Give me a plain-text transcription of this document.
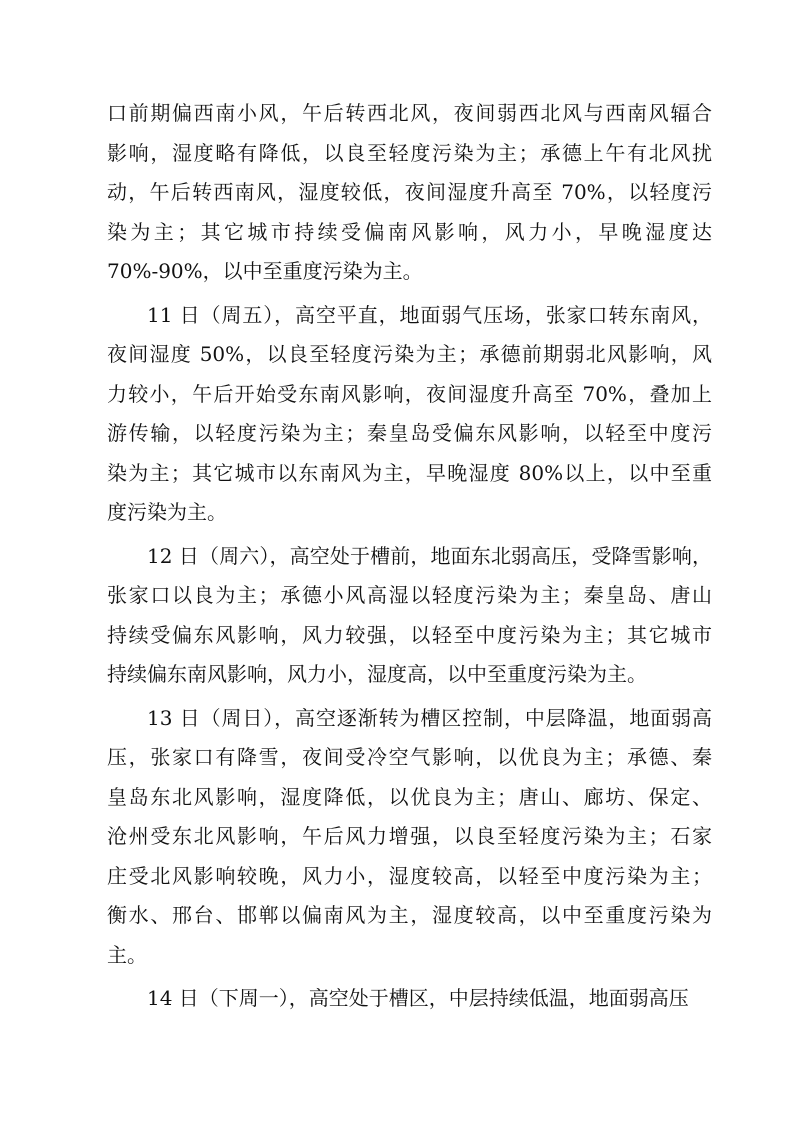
口前期偏西南小风，午后转西北风，夜间弱西北风与西南风辐合
影响，湿度略有降低，以良至轻度污染为主；承德上午有北风扰
动，午后转西南风，湿度较低，夜间湿度升高至 70%，以轻度污
染为主；其它城市持续受偏南风影响，风力小，早晚湿度达
70%-90%，以中至重度污染为主。
11 日（周五），高空平直，地面弱气压场，张家口转东南风，
夜间湿度 50%，以良至轻度污染为主；承德前期弱北风影响，风
力较小，午后开始受东南风影响，夜间湿度升高至 70%，叠加上
游传输，以轻度污染为主；秦皇岛受偏东风影响，以轻至中度污
染为主；其它城市以东南风为主，早晚湿度 80%以上，以中至重
度污染为主。
12 日（周六），高空处于槽前，地面东北弱高压，受降雪影响，
张家口以良为主；承德小风高湿以轻度污染为主；秦皇岛、唐山
持续受偏东风影响，风力较强，以轻至中度污染为主；其它城市
持续偏东南风影响，风力小，湿度高，以中至重度污染为主。
13 日（周日），高空逐渐转为槽区控制，中层降温，地面弱高
压，张家口有降雪，夜间受冷空气影响，以优良为主；承德、秦
皇岛东北风影响，湿度降低，以优良为主；唐山、廊坊、保定、
沧州受东北风影响，午后风力增强，以良至轻度污染为主；石家
庄受北风影响较晚，风力小，湿度较高，以轻至中度污染为主；
衡水、邢台、邯郸以偏南风为主，湿度较高，以中至重度污染为
主。
14 日（下周一），高空处于槽区，中层持续低温，地面弱高压
